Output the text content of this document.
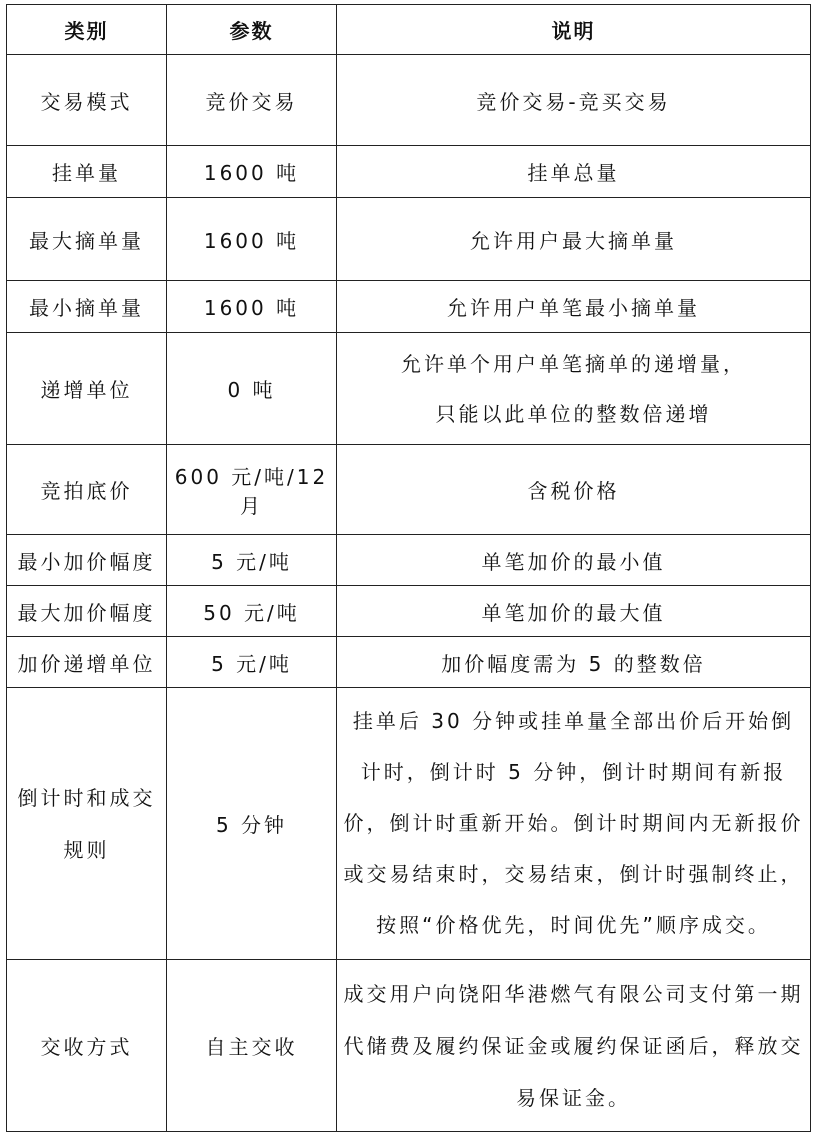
类别	参数	说明
交易模式	竞价交易	竞价交易-竞买交易
挂单量	1600 吨	挂单总量
最大摘单量	1600 吨	允许用户最大摘单量
最小摘单量	1600 吨	允许用户单笔最小摘单量
递增单位	0 吨	允许单个用户单笔摘单的递增量，
只能以此单位的整数倍递增

竞拍底价	600 元/吨/12 月	含税价格
最小加价幅度	5 元/吨	单笔加价的最小值
最大加价幅度	50 元/吨	单笔加价的最大值
加价递增单位	5 元/吨	加价幅度需为 5 的整数倍

倒计时和成交
规则	5 分钟	挂单后 30 分钟或挂单量全部出价后开始倒计时，倒计时 5 分钟，倒计时期间有新报价，倒计时重新开始。倒计时期间内无新报价或交易结束时，交易结束，倒计时强制终止，按照“价格优先，时间优先”顺序成交。
交收方式	自主交收	成交用户向饶阳华港燃气有限公司支付第一期代储费及履约保证金或履约保证函后，释放交易保证金。
